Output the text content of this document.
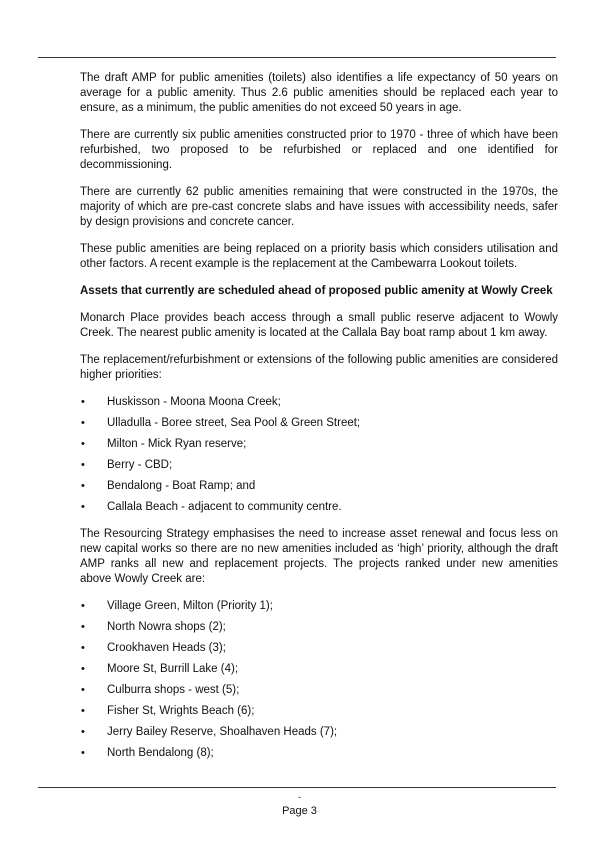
The draft AMP for public amenities (toilets) also identifies a life expectancy of 50 years on average for a public amenity. Thus 2.6 public amenities should be replaced each year to ensure, as a minimum, the public amenities do not exceed 50 years in age.

There are currently six public amenities constructed prior to 1970 - three of which have been refurbished, two proposed to be refurbished or replaced and one identified for decommissioning.

There are currently 62 public amenities remaining that were constructed in the 1970s, the majority of which are pre-cast concrete slabs and have issues with accessibility needs, safer by design provisions and concrete cancer.

These public amenities are being replaced on a priority basis which considers utilisation and other factors. A recent example is the replacement at the Cambewarra Lookout toilets.

Assets that currently are scheduled ahead of proposed public amenity at Wowly Creek

Monarch Place provides beach access through a small public reserve adjacent to Wowly Creek. The nearest public amenity is located at the Callala Bay boat ramp about 1 km away.

The replacement/refurbishment or extensions of the following public amenities are considered higher priorities:

• Huskisson - Moona Moona Creek;
• Ulladulla - Boree street, Sea Pool & Green Street;
• Milton - Mick Ryan reserve;
• Berry - CBD;
• Bendalong - Boat Ramp; and
• Callala Beach - adjacent to community centre.

The Resourcing Strategy emphasises the need to increase asset renewal and focus less on new capital works so there are no new amenities included as ‘high’ priority, although the draft AMP ranks all new and replacement projects. The projects ranked under new amenities above Wowly Creek are:

• Village Green, Milton (Priority 1);
• North Nowra shops (2);
• Crookhaven Heads (3);
• Moore St, Burrill Lake (4);
• Culburra shops - west (5);
• Fisher St, Wrights Beach (6);
• Jerry Bailey Reserve, Shoalhaven Heads (7);
• North Bendalong (8);
-
Page 3
